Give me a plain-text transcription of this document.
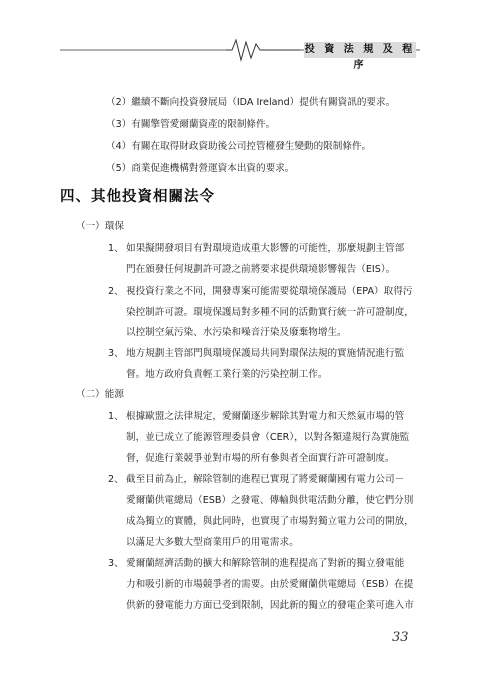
投 資 法 規 及 程 序
（2）繼續不斷向投資發展局（IDA Ireland）提供有關資訊的要求。
（3）有關擎管愛爾蘭資產的限制條件。
（4）有關在取得財政資助後公司控管權發生變動的限制條件。
（5）商業促進機構對營運資本出資的要求。
四、其他投資相關法令
（一）環保
1、 如果擬開發項目有對環境造成重大影響的可能性，那麼規劃主管部
門在頒發任何規劃許可證之前將要求提供環境影響報告（EIS）。
2、 視投資行業之不同，開發專案可能需要從環境保護局（EPA）取得污
染控制許可證。環境保護局對多種不同的活動實行統一許可證制度，
以控制空氣污染、水污染和噪音汙染及廢棄物增生。
3、 地方規劃主管部門與環境保護局共同對環保法規的實施情況進行監
督。地方政府負責輕工業行業的污染控制工作。
（二）能源
1、 根據歐盟之法律規定，愛爾蘭逐步解除其對電力和天然氣市場的管
制，並已成立了能源管理委員會（CER），以對各類違規行為實施監
督，促進行業競爭並對市場的所有參與者全面實行許可證制度。
2、 截至目前為止，解除管制的進程已實現了將愛爾蘭國有電力公司－
愛爾蘭供電總局（ESB）之發電、傳輸與供電活動分離，使它們分別
成為獨立的實體，與此同時，也實現了市場對獨立電力公司的開放，
以滿足大多數大型商業用戶的用電需求。
3、 愛爾蘭經濟活動的擴大和解除管制的進程提高了對新的獨立發電能
力和吸引新的市場競爭者的需要。由於愛爾蘭供電總局（ESB）在提
供新的發電能力方面已受到限制，因此新的獨立的發電企業可進入市
33
